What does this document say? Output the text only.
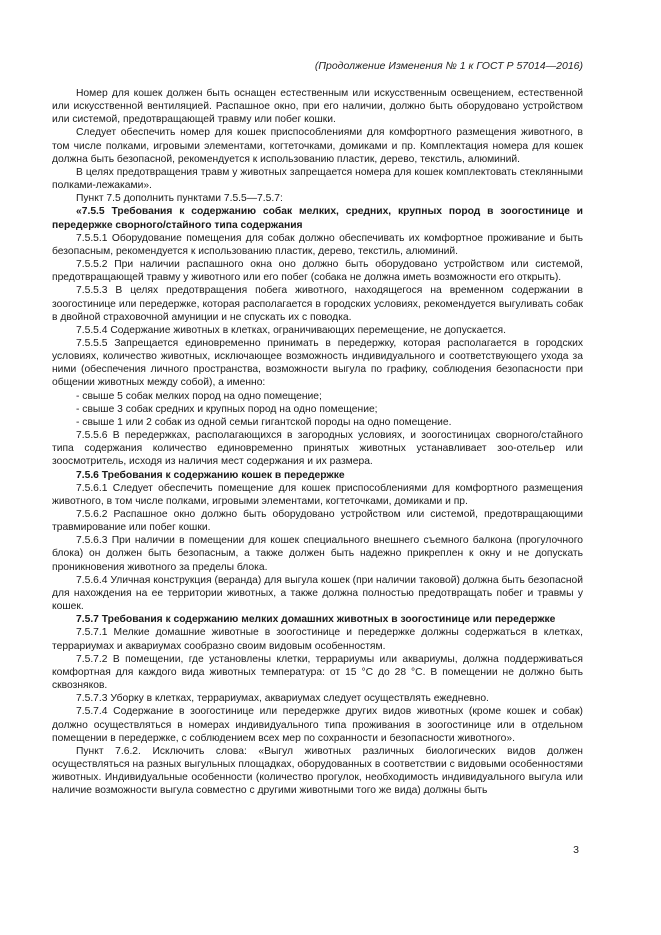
(Продолжение Изменения № 1 к ГОСТ Р 57014—2016)

Номер для кошек должен быть оснащен естественным или искусственным освещением, естественной или искусственной вентиляцией. Распашное окно, при его наличии, должно быть оборудовано устройством или системой, предотвращающей травму или побег кошки.

Следует обеспечить номер для кошек приспособлениями для комфортного размещения животного, в том числе полками, игровыми элементами, когтеточками, домиками и пр. Комплектация номера для кошек должна быть безопасной, рекомендуется к использованию пластик, дерево, текстиль, алюминий.

В целях предотвращения травм у животных запрещается номера для кошек комплектовать стеклянными полками-лежаками».

Пункт 7.5 дополнить пунктами 7.5.5—7.5.7:

«7.5.5 Требования к содержанию собак мелких, средних, крупных пород в зоогостинице и передержке сворного/стайного типа содержания

7.5.5.1 Оборудование помещения для собак должно обеспечивать их комфортное проживание и быть безопасным, рекомендуется к использованию пластик, дерево, текстиль, алюминий.

7.5.5.2 При наличии распашного окна оно должно быть оборудовано устройством или системой, предотвращающей травму у животного или его побег (собака не должна иметь возможности его открыть).

7.5.5.3 В целях предотвращения побега животного, находящегося на временном содержании в зоогостинице или передержке, которая располагается в городских условиях, рекомендуется выгуливать собак в двойной страховочной амуниции и не спускать их с поводка.

7.5.5.4 Содержание животных в клетках, ограничивающих перемещение, не допускается.

7.5.5.5 Запрещается единовременно принимать в передержку, которая располагается в городских условиях, количество животных, исключающее возможность индивидуального и соответствующего ухода за ними (обеспечения личного пространства, возможности выгула по графику, соблюдения безопасности при общении животных между собой), а именно:

- свыше 5 собак мелких пород на одно помещение;

- свыше 3 собак средних и крупных пород на одно помещение;

- свыше 1 или 2 собак из одной семьи гигантской породы на одно помещение.

7.5.5.6 В передержках, располагающихся в загородных условиях, и зоогостиницах сворного/стайного типа содержания количество единовременно принятых животных устанавливает зоо-отельер или зоосмотритель, исходя из наличия мест содержания и их размера.

7.5.6 Требования к содержанию кошек в передержке

7.5.6.1 Следует обеспечить помещение для кошек приспособлениями для комфортного размещения животного, в том числе полками, игровыми элементами, когтеточками, домиками и пр.

7.5.6.2 Распашное окно должно быть оборудовано устройством или системой, предотвращающими травмирование или побег кошки.

7.5.6.3 При наличии в помещении для кошек специального внешнего съемного балкона (прогулочного блока) он должен быть безопасным, а также должен быть надежно прикреплен к окну и не допускать проникновения животного за пределы блока.

7.5.6.4 Уличная конструкция (веранда) для выгула кошек (при наличии таковой) должна быть безопасной для нахождения на ее территории животных, а также должна полностью предотвращать побег и травмы у кошек.

7.5.7 Требования к содержанию мелких домашних животных в зоогостинице или передержке

7.5.7.1 Мелкие домашние животные в зоогостинице и передержке должны содержаться в клетках, террариумах и аквариумах сообразно своим видовым особенностям.

7.5.7.2 В помещении, где установлены клетки, террариумы или аквариумы, должна поддерживаться комфортная для каждого вида животных температура: от 15 °С до 28 °С. В помещении не должно быть сквозняков.

7.5.7.3 Уборку в клетках, террариумах, аквариумах следует осуществлять ежедневно.

7.5.7.4 Содержание в зоогостинице или передержке других видов животных (кроме кошек и собак) должно осуществляться в номерах индивидуального типа проживания в зоогостинице или в отдельном помещении в передержке, с соблюдением всех мер по сохранности и безопасности животного».

Пункт 7.6.2. Исключить слова: «Выгул животных различных биологических видов должен осуществляться на разных выгульных площадках, оборудованных в соответствии с видовыми особенностями животных. Индивидуальные особенности (количество прогулок, необходимость индивидуального выгула или наличие возможности выгула совместно с другими животными того же вида) должны быть

3
